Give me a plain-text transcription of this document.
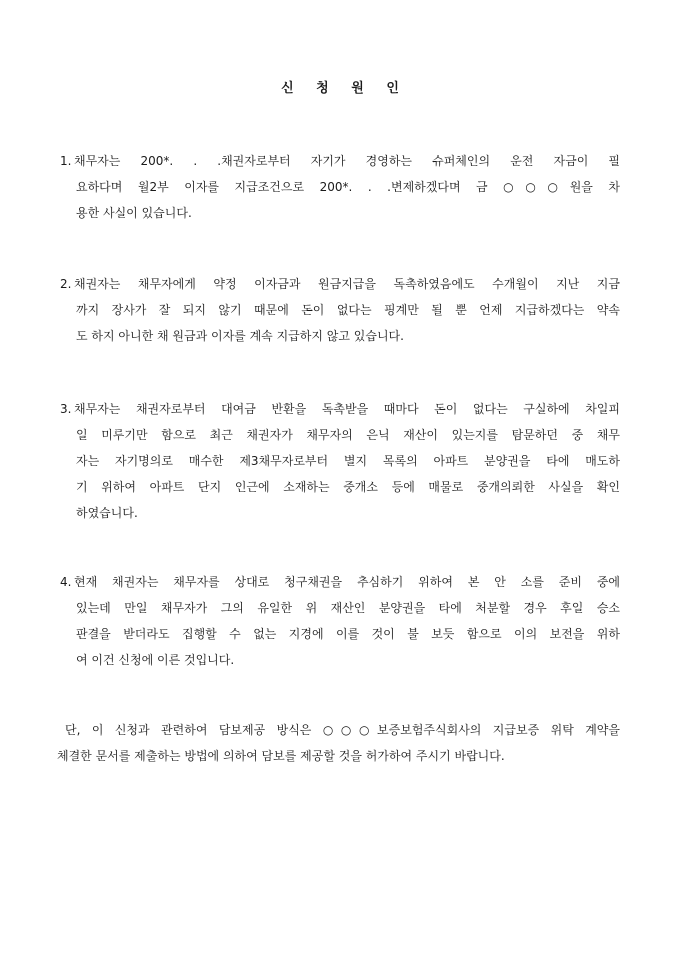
신 청 원 인
1. 채무자는 200*. . .채권자로부터 자기가 경영하는 슈퍼체인의 운전 자금이 필
요하다며 월2부 이자를 지급조건으로 200*. . .변제하겠다며 금 ○○○원을 차
용한 사실이 있습니다.
2. 채권자는 채무자에게 약정 이자금과 원금지급을 독촉하였음에도 수개월이 지난 지금
까지 장사가 잘 되지 않기 때문에 돈이 없다는 핑계만 될 뿐 언제 지급하겠다는 약속
도 하지 아니한 채 원금과 이자를 계속 지급하지 않고 있습니다.
3. 채무자는 채권자로부터 대여금 반환을 독촉받을 때마다 돈이 없다는 구실하에 차일피
일 미루기만 함으로 최근 채권자가 채무자의 은닉 재산이 있는지를 탐문하던 중 채무
자는 자기명의로 매수한 제3채무자로부터 별지 목록의 아파트 분양권을 타에 매도하
기 위하여 아파트 단지 인근에 소재하는 중개소 등에 매물로 중개의뢰한 사실을 확인
하였습니다.
4. 현재 채권자는 채무자를 상대로 청구채권을 추심하기 위하여 본 안 소를 준비 중에
있는데 만일 채무자가 그의 유일한 위 재산인 분양권을 타에 처분할 경우 후일 승소
판결을 받더라도 집행할 수 없는 지경에 이를 것이 불 보듯 함으로 이의 보전을 위하
여 이건 신청에 이른 것입니다.
단, 이 신청과 관련하여 담보제공 방식은 ○○○보증보험주식회사의 지급보증 위탁 계약을
체결한 문서를 제출하는 방법에 의하여 담보를 제공할 것을 허가하여 주시기 바랍니다.
